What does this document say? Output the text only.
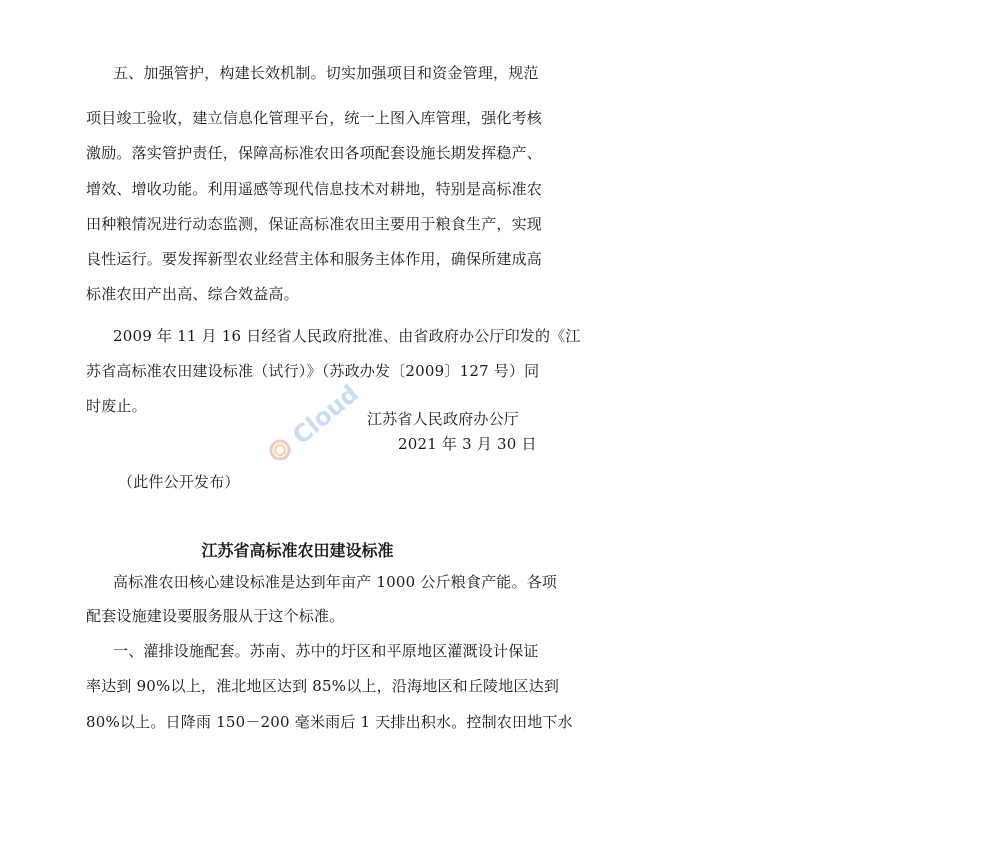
五、加强管护，构建长效机制。切实加强项目和资金管理，规范
项目竣工验收，建立信息化管理平台，统一上图入库管理，强化考核
激励。落实管护责任，保障高标准农田各项配套设施长期发挥稳产、
增效、增收功能。利用遥感等现代信息技术对耕地，特别是高标准农
田种粮情况进行动态监测，保证高标准农田主要用于粮食生产，实现
良性运行。要发挥新型农业经营主体和服务主体作用，确保所建成高
标准农田产出高、综合效益高。
2009 年 11 月 16 日经省人民政府批准、由省政府办公厅印发的《江
苏省高标准农田建设标准（试行）》（苏政办发〔2009〕127 号）同
时废止。	Cloud 江苏省人民政府办公厅
2021 年 3 月 30 日
（此件公开发布）
江苏省高标准农田建设标准
高标准农田核心建设标准是达到年亩产 1000 公斤粮食产能。各项
配套设施建设要服务服从于这个标准。
一、灌排设施配套。苏南、苏中的圩区和平原地区灌溉设计保证
率达到 90%以上，淮北地区达到 85%以上，沿海地区和丘陵地区达到
80%以上。日降雨 150－200 毫米雨后 1 天排出积水。控制农田地下水
